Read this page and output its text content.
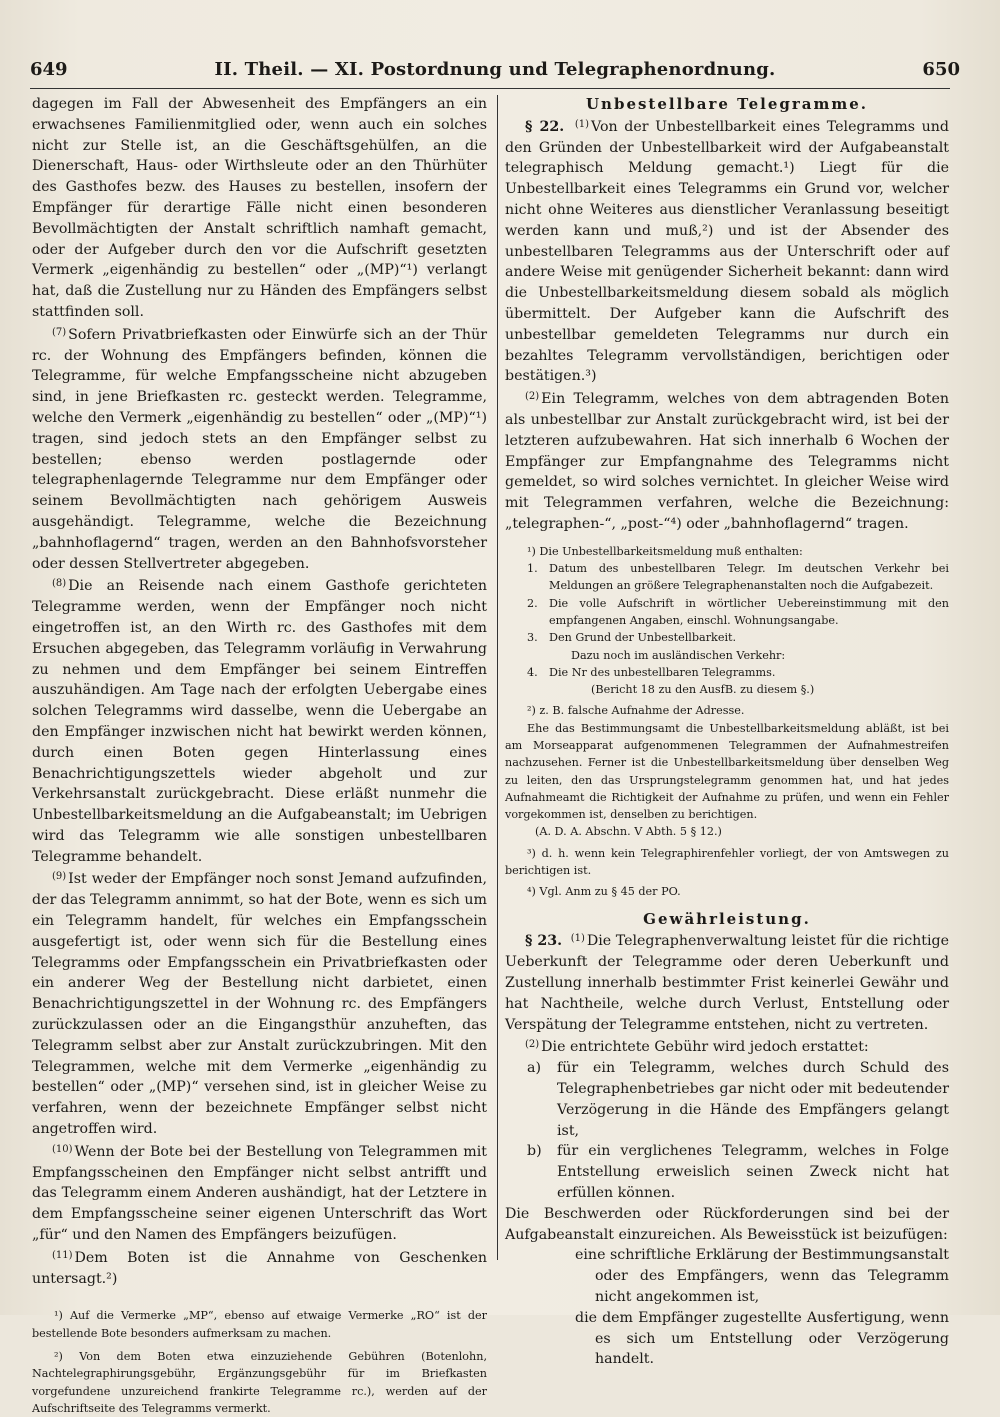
649	II. Theil. — XI. Postordnung und Telegraphenordnung.	650

dagegen im Fall der Abwesenheit des Empfängers an ein erwachsenes Familienmitglied oder, wenn auch ein solches nicht zur Stelle ist, an die Geschäftsgehülfen, an die Dienerschaft, Haus- oder Wirthsleute oder an den Thürhüter des Gasthofes bezw. des Hauses zu bestellen, insofern der Empfänger für derartige Fälle nicht einen besonderen Bevollmächtigten der Anstalt schriftlich namhaft gemacht, oder der Aufgeber durch den vor die Aufschrift gesetzten Vermerk „eigenhändig zu bestellen“ oder „(MP)“¹) verlangt hat, daß die Zustellung nur zu Händen des Empfängers selbst stattfinden soll.

$^{(7)}$ Sofern Privatbriefkasten oder Einwürfe sich an der Thür rc. der Wohnung des Empfängers befinden, können die Telegramme, für welche Empfangsscheine nicht abzugeben sind, in jene Briefkasten rc. gesteckt werden. Telegramme, welche den Vermerk „eigenhändig zu bestellen“ oder „(MP)“¹) tragen, sind jedoch stets an den Empfänger selbst zu bestellen; ebenso werden postlagernde oder telegraphenlagernde Telegramme nur dem Empfänger oder seinem Bevollmächtigten nach gehörigem Ausweis ausgehändigt. Telegramme, welche die Bezeichnung „bahnhoflagernd“ tragen, werden an den Bahnhofsvorsteher oder dessen Stellvertreter abgegeben.

$^{(8)}$ Die an Reisende nach einem Gasthofe gerichteten Telegramme werden, wenn der Empfänger noch nicht eingetroffen ist, an den Wirth rc. des Gasthofes mit dem Ersuchen abgegeben, das Telegramm vorläufig in Verwahrung zu nehmen und dem Empfänger bei seinem Eintreffen auszuhändigen. Am Tage nach der erfolgten Uebergabe eines solchen Telegramms wird dasselbe, wenn die Uebergabe an den Empfänger inzwischen nicht hat bewirkt werden können, durch einen Boten gegen Hinterlassung eines Benachrichtigungszettels wieder abgeholt und zur Verkehrsanstalt zurückgebracht. Diese erläßt nunmehr die Unbestellbarkeitsmeldung an die Aufgabeanstalt; im Uebrigen wird das Telegramm wie alle sonstigen unbestellbaren Telegramme behandelt.

$^{(9)}$ Ist weder der Empfänger noch sonst Jemand aufzufinden, der das Telegramm annimmt, so hat der Bote, wenn es sich um ein Telegramm handelt, für welches ein Empfangsschein ausgefertigt ist, oder wenn sich für die Bestellung eines Telegramms oder Empfangsschein ein Privatbriefkasten oder ein anderer Weg der Bestellung nicht darbietet, einen Benachrichtigungszettel in der Wohnung rc. des Empfängers zurückzulassen oder an die Eingangsthür anzuheften, das Telegramm selbst aber zur Anstalt zurückzubringen. Mit den Telegrammen, welche mit dem Vermerke „eigenhändig zu bestellen“ oder „(MP)“ versehen sind, ist in gleicher Weise zu verfahren, wenn der bezeichnete Empfänger selbst nicht angetroffen wird.

$^{(10)}$ Wenn der Bote bei der Bestellung von Telegrammen mit Empfangsscheinen den Empfänger nicht selbst antrifft und das Telegramm einem Anderen aushändigt, hat der Letztere in dem Empfangsscheine seiner eigenen Unterschrift das Wort „für“ und den Namen des Empfängers beizufügen.

$^{(11)}$ Dem Boten ist die Annahme von Geschenken untersagt.²)

¹) Auf die Vermerke „MP“, ebenso auf etwaige Vermerke „RO“ ist der bestellende Bote besonders aufmerksam zu machen.

²) Von dem Boten etwa einzuziehende Gebühren (Botenlohn, Nachtelegraphirungsgebühr, Ergänzungsgebühr für im Briefkasten vorgefundene unzureichend frankirte Telegramme rc.), werden auf der Aufschriftseite des Telegramms vermerkt.

Unbestellbare Telegramme.

§ 22. $^{(1)}$ Von der Unbestellbarkeit eines Telegramms und den Gründen der Unbestellbarkeit wird der Aufgabeanstalt telegraphisch Meldung gemacht.¹) Liegt für die Unbestellbarkeit eines Telegramms ein Grund vor, welcher nicht ohne Weiteres aus dienstlicher Veranlassung beseitigt werden kann und muß,²) und ist der Absender des unbestellbaren Telegramms aus der Unterschrift oder auf andere Weise mit genügender Sicherheit bekannt: dann wird die Unbestellbarkeitsmeldung diesem sobald als möglich übermittelt. Der Aufgeber kann die Aufschrift des unbestellbar gemeldeten Telegramms nur durch ein bezahltes Telegramm vervollständigen, berichtigen oder bestätigen.³)

$^{(2)}$ Ein Telegramm, welches von dem abtragenden Boten als unbestellbar zur Anstalt zurückgebracht wird, ist bei der letzteren aufzubewahren. Hat sich innerhalb 6 Wochen der Empfänger zur Empfangnahme des Telegramms nicht gemeldet, so wird solches vernichtet. In gleicher Weise wird mit Telegrammen verfahren, welche die Bezeichnung: „telegraphen-“, „post-“⁴) oder „bahnhoflagernd“ tragen.

¹) Die Unbestellbarkeitsmeldung muß enthalten:

1.	Datum des unbestellbaren Telegr. Im deutschen Verkehr bei Meldungen an größere Telegraphenanstalten noch die Aufgabezeit.
2.	Die volle Aufschrift in wörtlicher Uebereinstimmung mit den empfangenen Angaben, einschl. Wohnungsangabe.
3.	Den Grund der Unbestellbarkeit.
Dazu noch im ausländischen Verkehr:
4.	Die Nr des unbestellbaren Telegramms.
(Bericht 18 zu den AusfB. zu diesem §.)

²) z. B. falsche Aufnahme der Adresse.

Ehe das Bestimmungsamt die Unbestellbarkeitsmeldung abläßt, ist bei am Morseapparat aufgenommenen Telegrammen der Aufnahmestreifen nachzusehen. Ferner ist die Unbestellbarkeitsmeldung über denselben Weg zu leiten, den das Ursprungstelegramm genommen hat, und hat jedes Aufnahmeamt die Richtigkeit der Aufnahme zu prüfen, und wenn ein Fehler vorgekommen ist, denselben zu berichtigen.

(A. D. A. Abschn. V Abth. 5 § 12.)

³) d. h. wenn kein Telegraphirenfehler vorliegt, der von Amtswegen zu berichtigen ist.

⁴) Vgl. Anm zu § 45 der PO.

Gewährleistung.

§ 23. $^{(1)}$ Die Telegraphenverwaltung leistet für die richtige Ueberkunft der Telegramme oder deren Ueberkunft und Zustellung innerhalb bestimmter Frist keinerlei Gewähr und hat Nachtheile, welche durch Verlust, Entstellung oder Verspätung der Telegramme entstehen, nicht zu vertreten.

$^{(2)}$ Die entrichtete Gebühr wird jedoch erstattet:

a)	für ein Telegramm, welches durch Schuld des Telegraphenbetriebes gar nicht oder mit bedeutender Verzögerung in die Hände des Empfängers gelangt ist,
b)	für ein verglichenes Telegramm, welches in Folge Entstellung erweislich seinen Zweck nicht hat erfüllen können.

Die Beschwerden oder Rückforderungen sind bei der Aufgabeanstalt einzureichen. Als Beweisstück ist beizufügen:

eine schriftliche Erklärung der Bestimmungsanstalt oder des Empfängers, wenn das Telegramm nicht angekommen ist,

die dem Empfänger zugestellte Ausfertigung, wenn es sich um Entstellung oder Verzögerung handelt.
